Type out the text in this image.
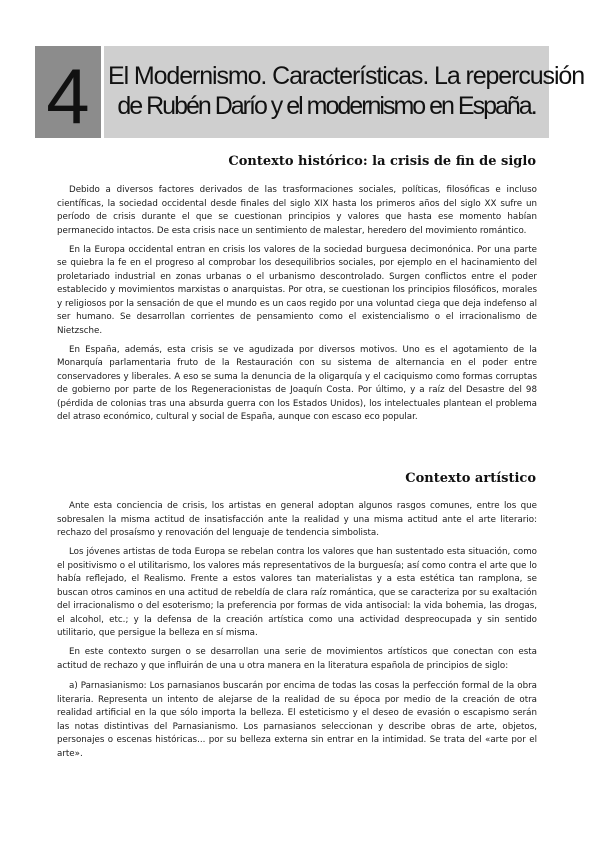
4 El Modernismo. Características. La repercusión
de Rubén Darío y el modernismo en España.
Contexto histórico: la crisis de fin de siglo

Debido a diversos factores derivados de las trasformaciones sociales, políticas, filosóficas e incluso científicas, la sociedad occidental desde finales del siglo XIX hasta los primeros años del siglo XX sufre un período de crisis durante el que se cuestionan principios y valores que hasta ese momento habían permanecido intactos. De esta crisis nace un sentimiento de malestar, heredero del movimiento romántico.

En la Europa occidental entran en crisis los valores de la sociedad burguesa decimonónica. Por una parte se quiebra la fe en el progreso al comprobar los desequilibrios sociales, por ejemplo en el hacinamiento del proletariado industrial en zonas urbanas o el urbanismo descontrolado. Surgen conflictos entre el poder establecido y movimientos marxistas o anarquistas. Por otra, se cuestionan los principios filosóficos, morales y religiosos por la sensación de que el mundo es un caos regido por una voluntad ciega que deja indefenso al ser humano. Se desarrollan corrientes de pensamiento como el existencialismo o el irracionalismo de Nietzsche.

En España, además, esta crisis se ve agudizada por diversos motivos. Uno es el agotamiento de la Monarquía parlamentaria fruto de la Restauración con su sistema de alternancia en el poder entre conservadores y liberales. A eso se suma la denuncia de la oligarquía y el caciquismo como formas corruptas de gobierno por parte de los Regeneracionistas de Joaquín Costa. Por último, y a raíz del Desastre del 98 (pérdida de colonias tras una absurda guerra con los Estados Unidos), los intelectuales plantean el problema del atraso económico, cultural y social de España, aunque con escaso eco popular.

Contexto artístico

Ante esta conciencia de crisis, los artistas en general adoptan algunos rasgos comunes, entre los que sobresalen la misma actitud de insatisfacción ante la realidad y una misma actitud ante el arte literario: rechazo del prosaísmo y renovación del lenguaje de tendencia simbolista.

Los jóvenes artistas de toda Europa se rebelan contra los valores que han sustentado esta situación, como el positivismo o el utilitarismo, los valores más representativos de la burguesía; así como contra el arte que lo había reflejado, el Realismo. Frente a estos valores tan materialistas y a esta estética tan ramplona, se buscan otros caminos en una actitud de rebeldía de clara raíz romántica, que se caracteriza por su exaltación del irracionalismo o del esoterismo; la preferencia por formas de vida antisocial: la vida bohemia, las drogas, el alcohol, etc.; y la defensa de la creación artística como una actividad despreocupada y sin sentido utilitario, que persigue la belleza en sí misma.

En este contexto surgen o se desarrollan una serie de movimientos artísticos que conectan con esta actitud de rechazo y que influirán de una u otra manera en la literatura española de principios de siglo:

a) Parnasianismo: Los parnasianos buscarán por encima de todas las cosas la perfección formal de la obra literaria. Representa un intento de alejarse de la realidad de su época por medio de la creación de otra realidad artificial en la que sólo importa la belleza. El esteticismo y el deseo de evasión o escapismo serán las notas distintivas del Parnasianismo. Los parnasianos seleccionan y describe obras de arte, objetos, personajes o escenas históricas... por su belleza externa sin entrar en la intimidad. Se trata del «arte por el arte».
